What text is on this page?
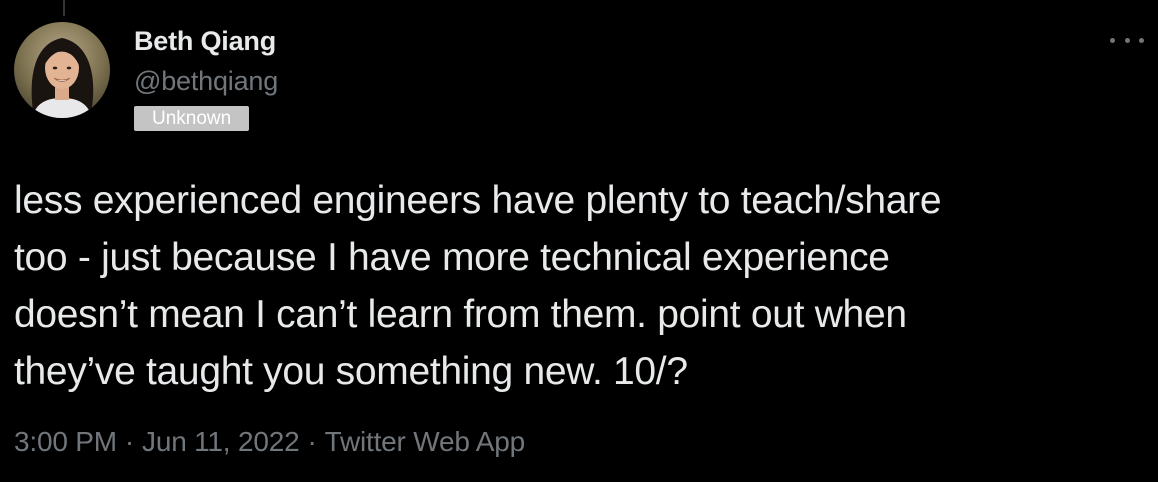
Beth Qiang
@bethqiang
Unknown
less experienced engineers have plenty to teach/share
too - just because I have more technical experience
doesn’t mean I can’t learn from them. point out when
they’ve taught you something new. 10/?
3:00 PM · Jun 11, 2022 · Twitter Web App
